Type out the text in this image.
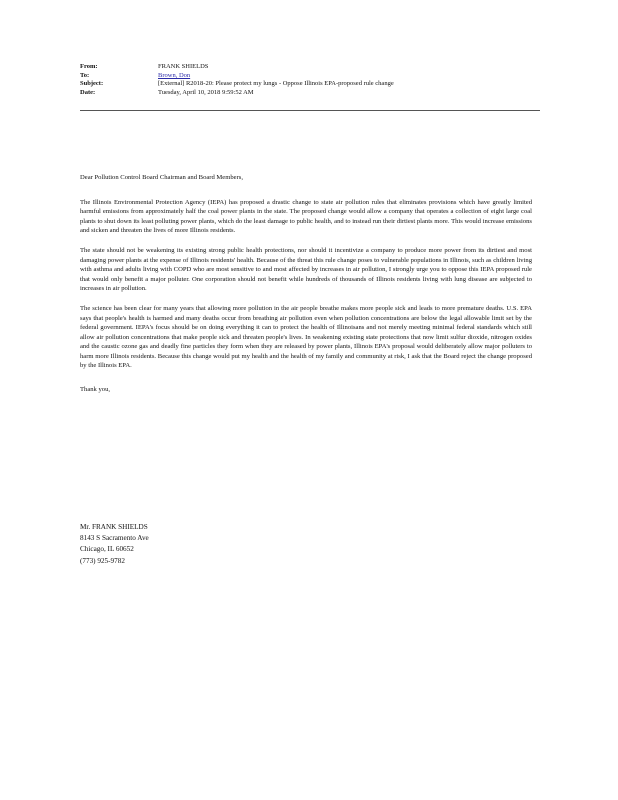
From:	FRANK SHIELDS
To:	Brown, Don
Subject:	[External] R2018-20: Please protect my lungs - Oppose Illinois EPA-proposed rule change
Date:	Tuesday, April 10, 2018 9:59:52 AM

Dear Pollution Control Board Chairman and Board Members,

The Illinois Environmental Protection Agency (IEPA) has proposed a drastic change to state air pollution rules that eliminates provisions which have greatly limited harmful emissions from approximately half the coal power plants in the state. The proposed change would allow a company that operates a collection of eight large coal plants to shut down its least polluting power plants, which do the least damage to public health, and to instead run their dirtiest plants more. This would increase emissions and sicken and threaten the lives of more Illinois residents.

The state should not be weakening its existing strong public health protections, nor should it incentivize a company to produce more power from its dirtiest and most damaging power plants at the expense of Illinois residents' health. Because of the threat this rule change poses to vulnerable populations in Illinois, such as children living with asthma and adults living with COPD who are most sensitive to and most affected by increases in air pollution, I strongly urge you to oppose this IEPA proposed rule that would only benefit a major polluter. One corporation should not benefit while hundreds of thousands of Illinois residents living with lung disease are subjected to increases in air pollution.

The science has been clear for many years that allowing more pollution in the air people breathe makes more people sick and leads to more premature deaths. U.S. EPA says that people's health is harmed and many deaths occur from breathing air pollution even when pollution concentrations are below the legal allowable limit set by the federal government. IEPA's focus should be on doing everything it can to protect the health of Illinoisans and not merely meeting minimal federal standards which still allow air pollution concentrations that make people sick and threaten people's lives. In weakening existing state protections that now limit sulfur dioxide, nitrogen oxides and the caustic ozone gas and deadly fine particles they form when they are released by power plants, Illinois EPA's proposal would deliberately allow major polluters to harm more Illinois residents. Because this change would put my health and the health of my family and community at risk, I ask that the Board reject the change proposed by the Illinois EPA.

Thank you,

Mr. FRANK SHIELDS
8143 S Sacramento Ave
Chicago, IL 60652
(773) 925-9782
